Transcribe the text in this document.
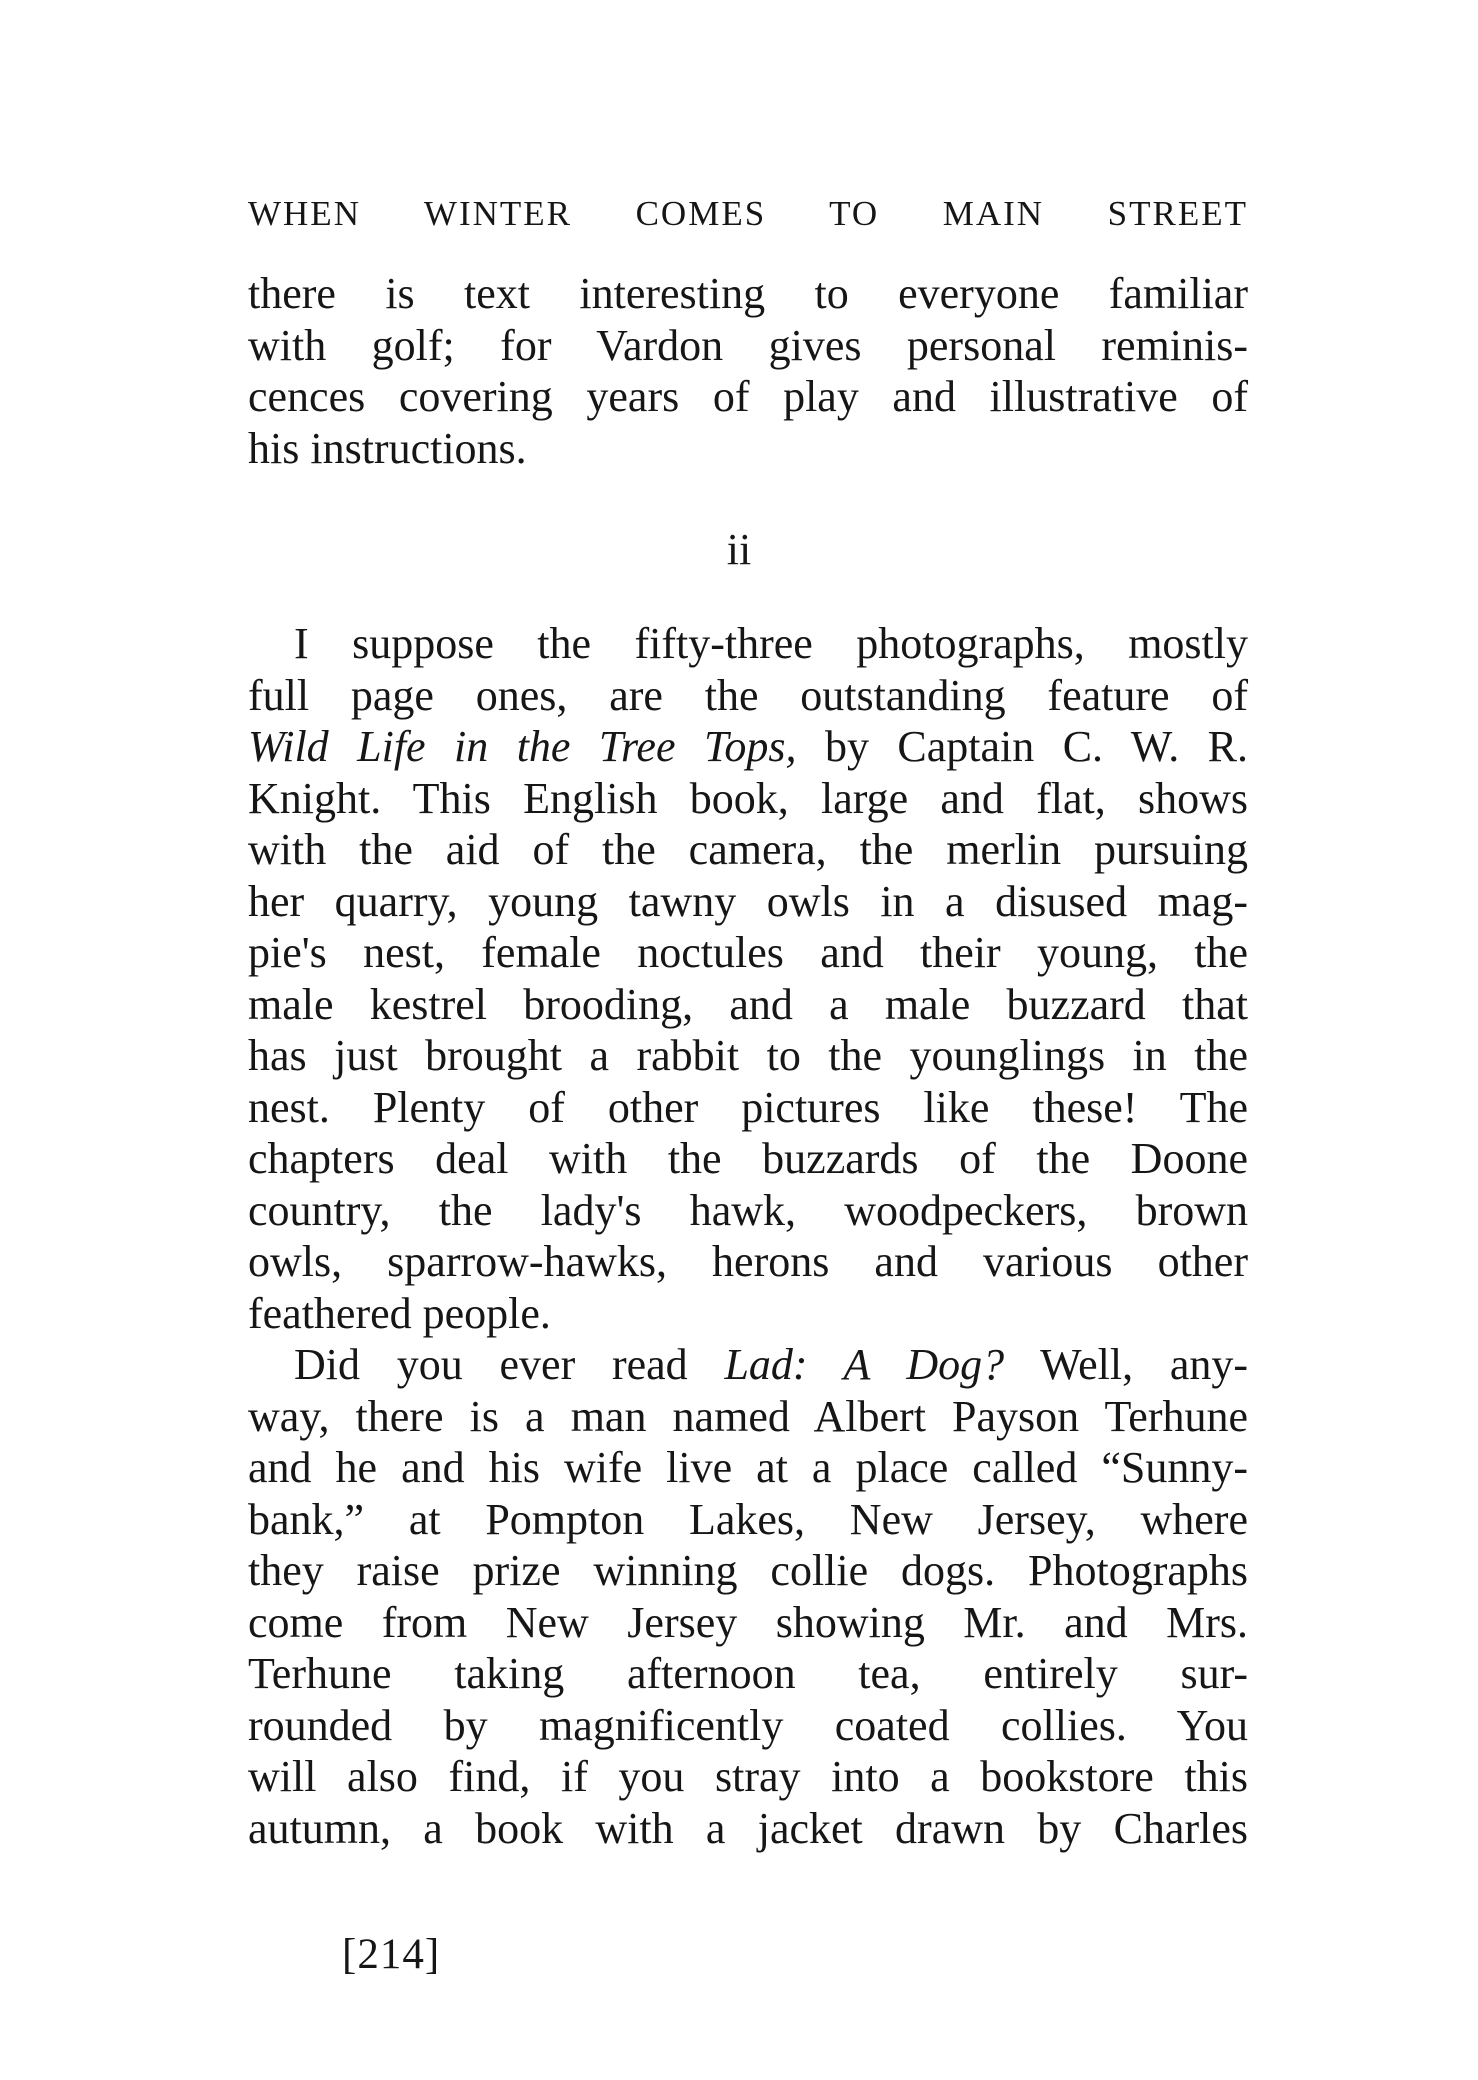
WHEN WINTER COMES TO MAIN STREET
there is text interesting to everyone familiar
with golf; for Vardon gives personal reminis-
cences covering years of play and illustrative of
his instructions.
ii
I suppose the fifty-three photographs, mostly
full page ones, are the outstanding feature of
Wild Life in the Tree Tops, by Captain C. W. R.
Knight. This English book, large and flat, shows
with the aid of the camera, the merlin pursuing
her quarry, young tawny owls in a disused mag-
pie's nest, female noctules and their young, the
male kestrel brooding, and a male buzzard that
has just brought a rabbit to the younglings in the
nest. Plenty of other pictures like these! The
chapters deal with the buzzards of the Doone
country, the lady's hawk, woodpeckers, brown
owls, sparrow-hawks, herons and various other
feathered people.
Did you ever read Lad: A Dog? Well, any-
way, there is a man named Albert Payson Terhune
and he and his wife live at a place called “Sunny-
bank,” at Pompton Lakes, New Jersey, where
they raise prize winning collie dogs. Photographs
come from New Jersey showing Mr. and Mrs.
Terhune taking afternoon tea, entirely sur-
rounded by magnificently coated collies. You
will also find, if you stray into a bookstore this
autumn, a book with a jacket drawn by Charles
[214]
